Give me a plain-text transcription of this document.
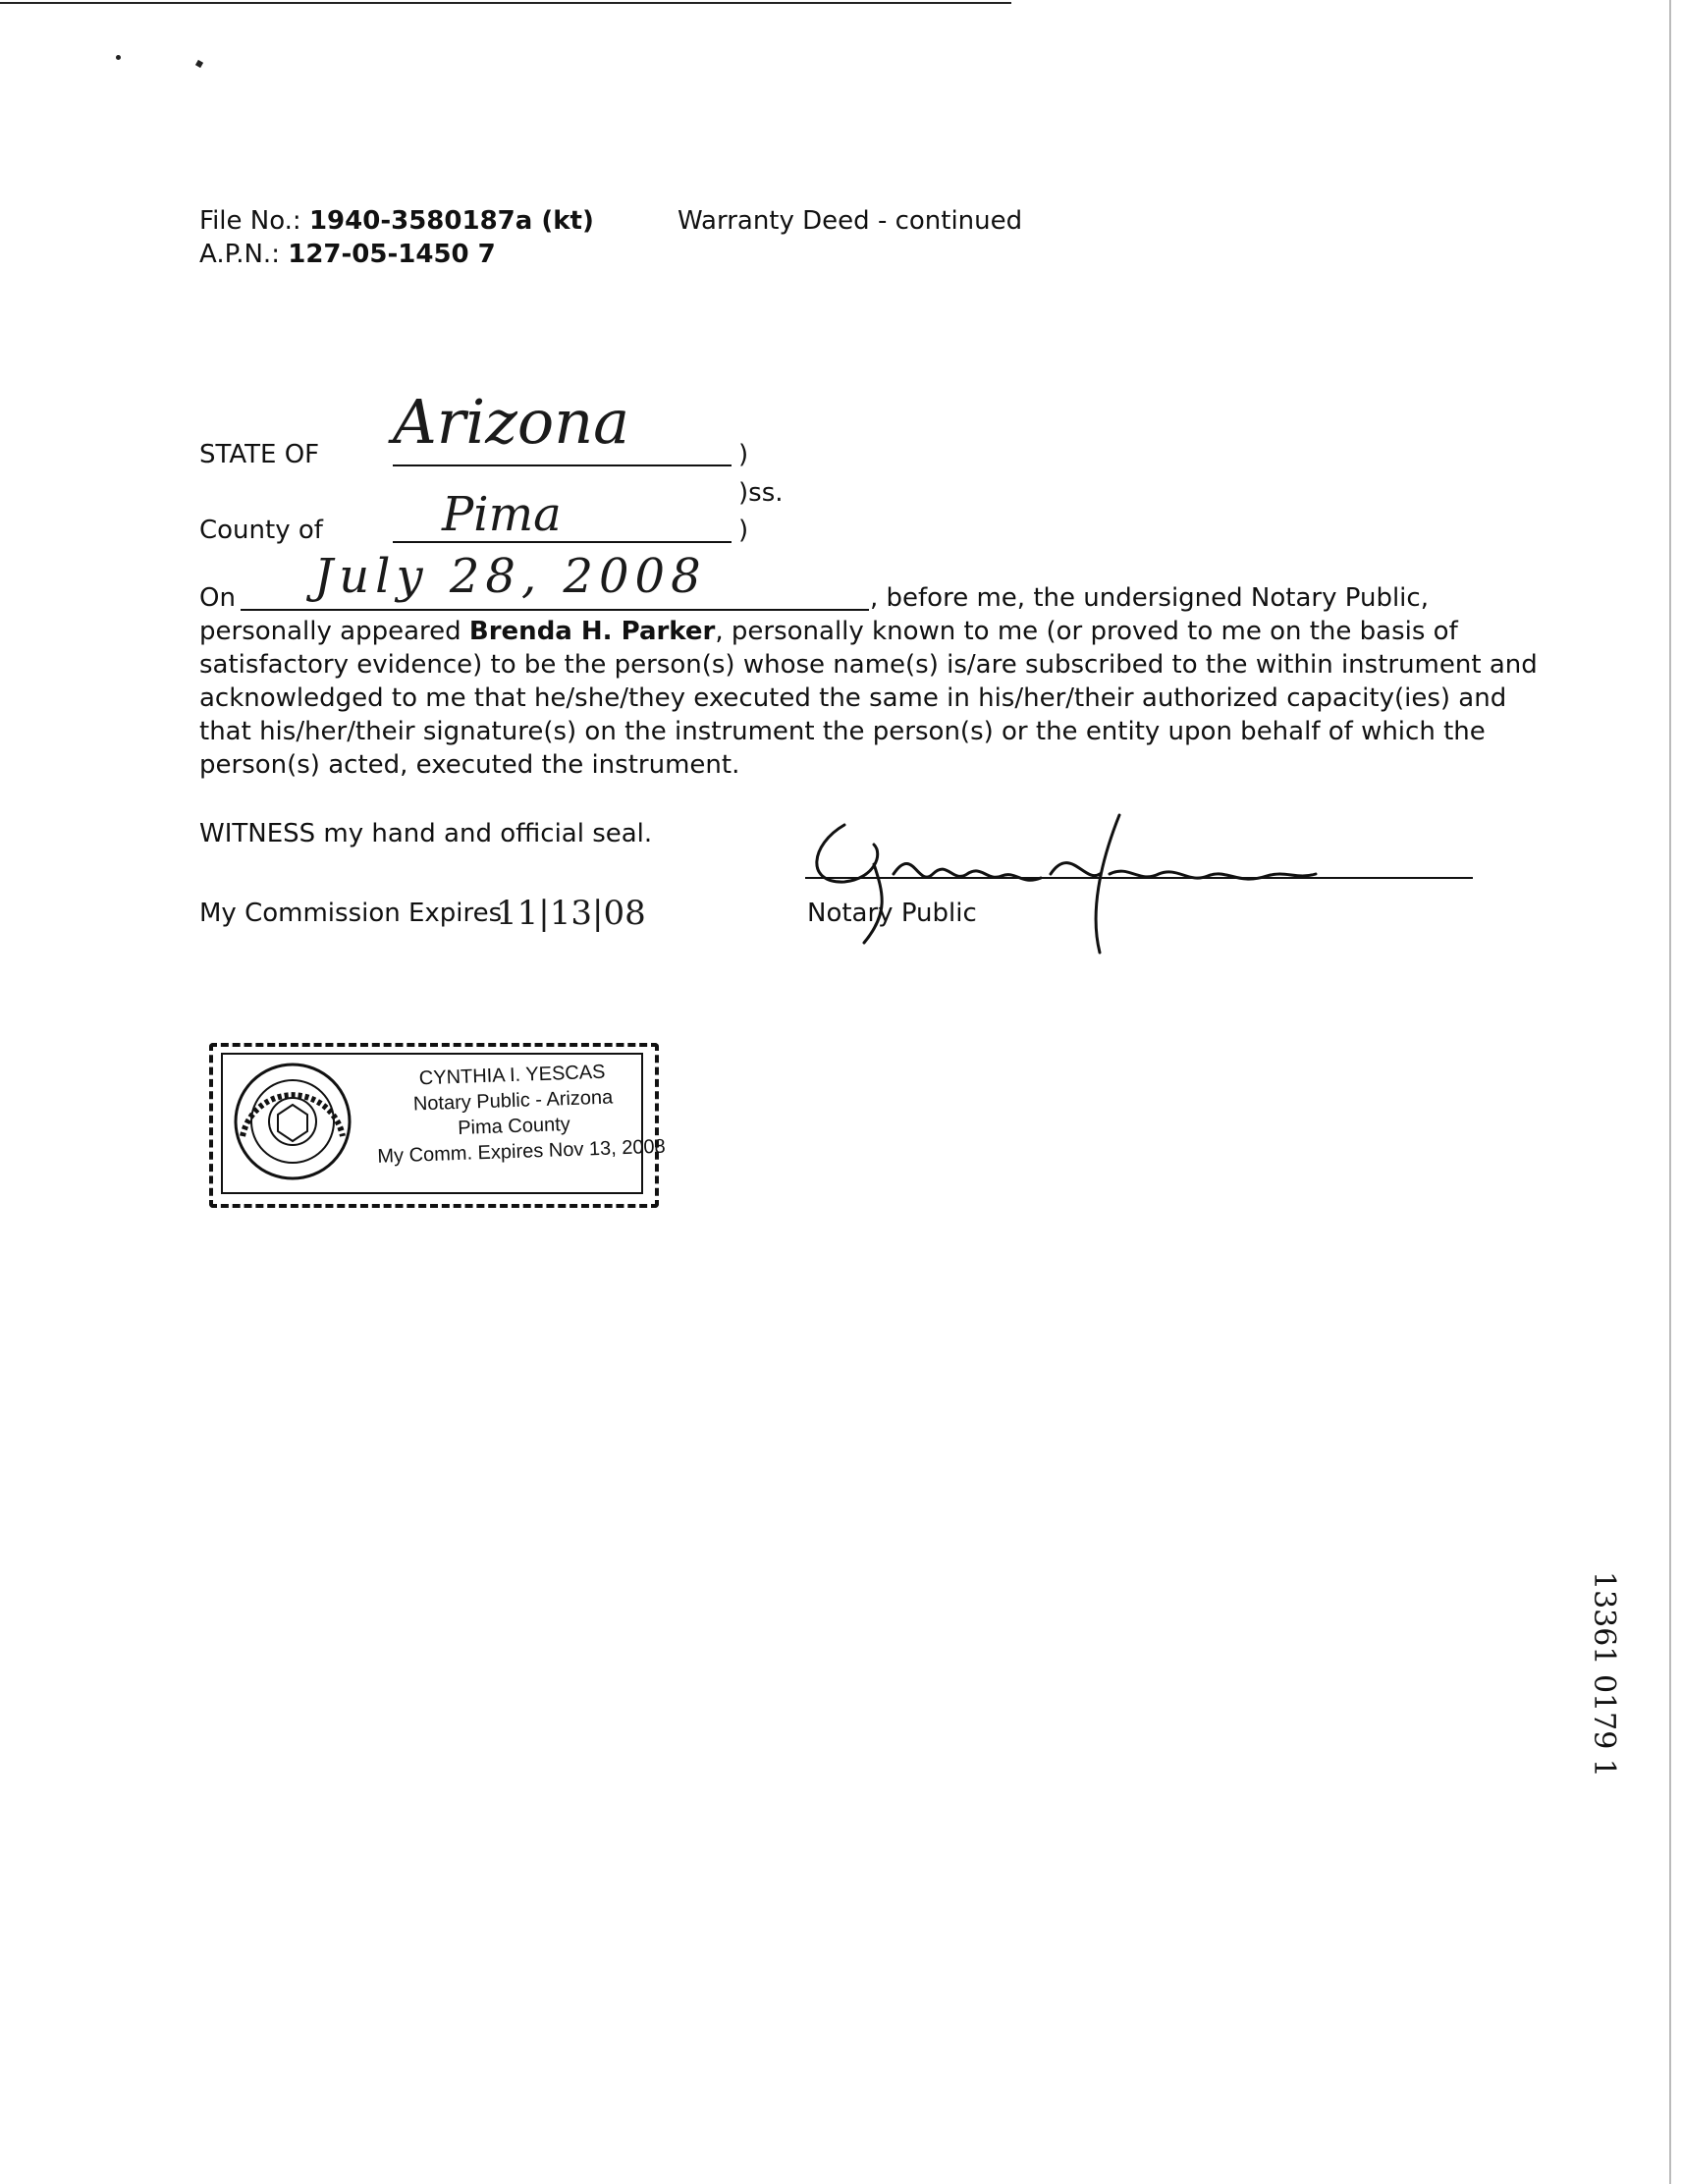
File No.: 1940-3580187a (kt)
A.P.N.: 127-05-1450 7
Warranty Deed - continued
STATE OF Arizona	)
)ss.
County of	Pima	)
On July 28, 2008	, before me, the undersigned Notary Public,
personally appeared Brenda H. Parker, personally known to me (or proved to me on the basis of
satisfactory evidence) to be the person(s) whose name(s) is/are subscribed to the within instrument and
acknowledged to me that he/she/they executed the same in his/her/their authorized capacity(ies) and
that his/her/their signature(s) on the instrument the person(s) or the entity upon behalf of which the
person(s) acted, executed the instrument.
WITNESS my hand and official seal.
My Commission Expires:
11|13|08	Notary Public
CYNTHIA I. YESCAS
Notary Public - Arizona
Pima County
My Comm. Expires Nov 13, 2008
13361 0179 1
